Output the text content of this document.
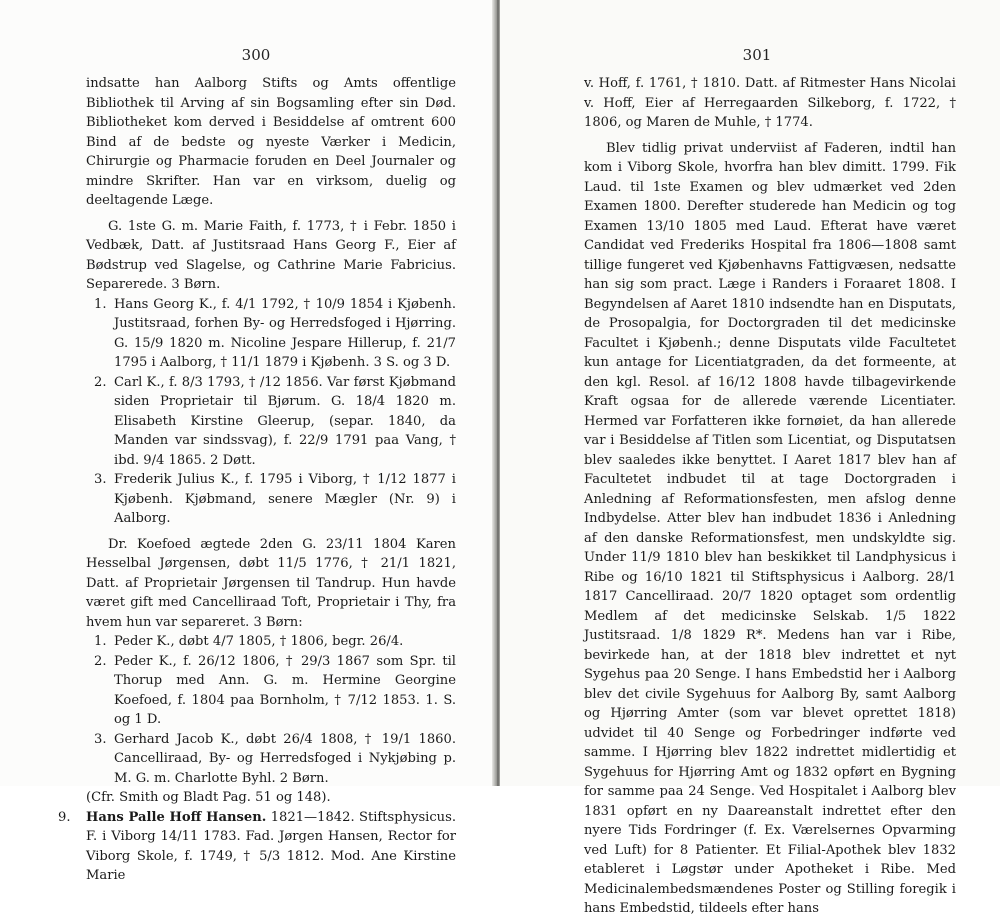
300

indsatte han Aalborg Stifts og Amts offentlige Bibliothek til Arving af sin Bogsamling efter sin Død. Bibliotheket kom derved i Besiddelse af omtrent 600 Bind af de bedste og nyeste Værker i Medicin, Chirurgie og Pharmacie foruden en Deel Journaler og mindre Skrifter. Han var en virksom, duelig og deeltagende Læge.

G. 1ste G. m. Marie Faith, f. 1773, † i Febr. 1850 i Vedbæk, Datt. af Justitsraad Hans Georg F., Eier af Bødstrup ved Slagelse, og Cathrine Marie Fabricius. Separerede. 3 Børn.

1. Hans Georg K., f. 4/1 1792, † 10/9 1854 i Kjøbenh. Justitsraad, forhen By- og Herredsfoged i Hjørring. G. 15/9 1820 m. Nicoline Jespare Hillerup, f. 21/7 1795 i Aalborg, † 11/1 1879 i Kjøbenh. 3 S. og 3 D.

2. Carl K., f. 8/3 1793, † /12 1856. Var først Kjøbmand siden Proprietair til Bjørum. G. 18/4 1820 m. Elisabeth Kirstine Gleerup, (separ. 1840, da Manden var sindssvag), f. 22/9 1791 paa Vang, † ibd. 9/4 1865. 2 Døtt.

3. Frederik Julius K., f. 1795 i Viborg, † 1/12 1877 i Kjøbenh. Kjøbmand, senere Mægler (Nr. 9) i Aalborg.

Dr. Koefoed ægtede 2den G. 23/11 1804 Karen Hesselbal Jørgensen, døbt 11/5 1776, † 21/1 1821, Datt. af Proprietair Jørgensen til Tandrup. Hun havde været gift med Cancelliraad Toft, Proprietair i Thy, fra hvem hun var separeret. 3 Børn:

1. Peder K., døbt 4/7 1805, † 1806, begr. 26/4.

2. Peder K., f. 26/12 1806, † 29/3 1867 som Spr. til Thorup med Ann. G. m. Hermine Georgine Koefoed, f. 1804 paa Bornholm, † 7/12 1853. 1. S. og 1 D.

3. Gerhard Jacob K., døbt 26/4 1808, † 19/1 1860. Cancelliraad, By- og Herredsfoged i Nykjøbing p. M. G. m. Charlotte Byhl. 2 Børn.

(Cfr. Smith og Bladt Pag. 51 og 148).

9. Hans Palle Hoff Hansen. 1821—1842. Stiftsphysicus. F. i Viborg 14/11 1783. Fad. Jørgen Hansen, Rector for Viborg Skole, f. 1749, † 5/3 1812. Mod. Ane Kirstine Marie

301

v. Hoff, f. 1761, † 1810. Datt. af Ritmester Hans Nicolai v. Hoff, Eier af Herregaarden Silkeborg, f. 1722, † 1806, og Maren de Muhle, † 1774.

Blev tidlig privat underviist af Faderen, indtil han kom i Viborg Skole, hvorfra han blev dimitt. 1799. Fik Laud. til 1ste Examen og blev udmærket ved 2den Examen 1800. Derefter studerede han Medicin og tog Examen 13/10 1805 med Laud. Efterat have været Candidat ved Frederiks Hospital fra 1806—1808 samt tillige fungeret ved Kjøbenhavns Fattigvæsen, nedsatte han sig som pract. Læge i Randers i Foraaret 1808. I Begyndelsen af Aaret 1810 indsendte han en Disputats, de Prosopalgia, for Doctorgraden til det medicinske Facultet i Kjøbenh.; denne Disputats vilde Facultetet kun antage for Licentiatgraden, da det formeente, at den kgl. Resol. af 16/12 1808 havde tilbagevirkende Kraft ogsaa for de allerede værende Licentiater. Hermed var Forfatteren ikke fornøiet, da han allerede var i Besiddelse af Titlen som Licentiat, og Disputatsen blev saaledes ikke benyttet. I Aaret 1817 blev han af Facultetet indbudet til at tage Doctorgraden i Anledning af Reformationsfesten, men afslog denne Indbydelse. Atter blev han indbudet 1836 i Anledning af den danske Reformationsfest, men undskyldte sig. Under 11/9 1810 blev han beskikket til Landphysicus i Ribe og 16/10 1821 til Stiftsphysicus i Aalborg. 28/1 1817 Cancelliraad. 20/7 1820 optaget som ordentlig Medlem af det medicinske Selskab. 1/5 1822 Justitsraad. 1/8 1829 R*. Medens han var i Ribe, bevirkede han, at der 1818 blev indrettet et nyt Sygehus paa 20 Senge. I hans Embedstid her i Aalborg blev det civile Sygehuus for Aalborg By, samt Aalborg og Hjørring Amter (som var blevet oprettet 1818) udvidet til 40 Senge og Forbedringer indførte ved samme. I Hjørring blev 1822 indrettet midlertidig et Sygehuus for Hjørring Amt og 1832 opført en Bygning for samme paa 24 Senge. Ved Hospitalet i Aalborg blev 1831 opført en ny Daareanstalt indrettet efter den nyere Tids Fordringer (f. Ex. Værelsernes Opvarming ved Luft) for 8 Patienter. Et Filial-Apothek blev 1832 etableret i Løgstør under Apotheket i Ribe. Med Medicinalembedsmændenes Poster og Stilling foregik i hans Embedstid, tildeels efter hans
